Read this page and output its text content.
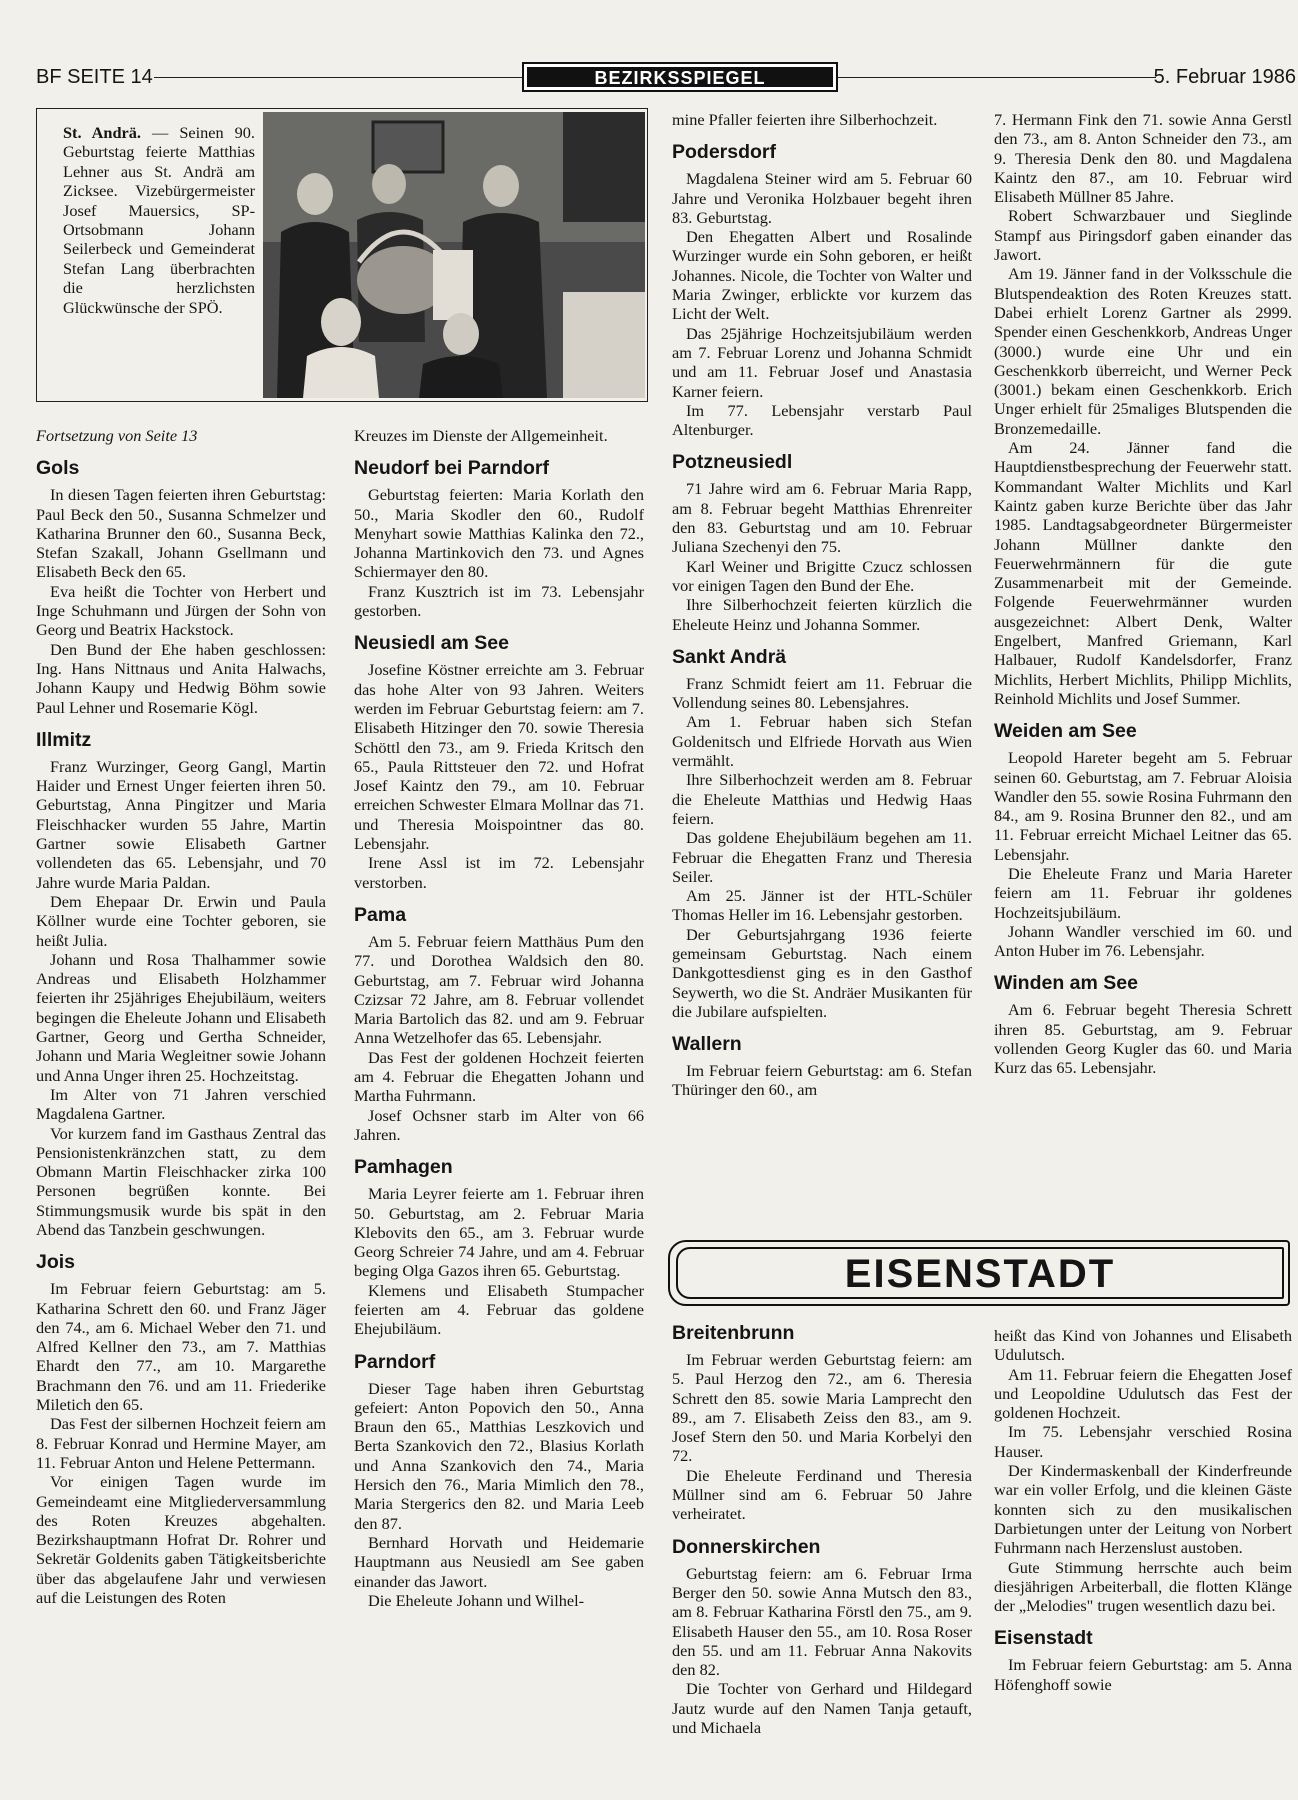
BF SEITE 14	BEZIRKSSPIEGEL	5. Februar 1986
St. Andrä. — Seinen 90. Geburtstag feierte Matthias Lehner aus St. Andrä am Zicksee. Vizebürgermeister Josef Mauersics, SP-Ortsobmann Johann Seilerbeck und Gemeinderat Stefan Lang überbrachten die herzlichsten Glückwünsche der SPÖ.

Fortsetzung von Seite 13

Gols

In diesen Tagen feierten ihren Geburtstag: Paul Beck den 50., Susanna Schmelzer und Katharina Brunner den 60., Susanna Beck, Stefan Szakall, Johann Gsellmann und Elisabeth Beck den 65.

Eva heißt die Tochter von Herbert und Inge Schuhmann und Jürgen der Sohn von Georg und Beatrix Hackstock.

Den Bund der Ehe haben geschlossen: Ing. Hans Nittnaus und Anita Halwachs, Johann Kaupy und Hedwig Böhm sowie Paul Lehner und Rosemarie Kögl.

Illmitz

Franz Wurzinger, Georg Gangl, Martin Haider und Ernest Unger feierten ihren 50. Geburtstag, Anna Pingitzer und Maria Fleischhacker wurden 55 Jahre, Martin Gartner sowie Elisabeth Gartner vollendeten das 65. Lebensjahr, und 70 Jahre wurde Maria Paldan.

Dem Ehepaar Dr. Erwin und Paula Köllner wurde eine Tochter geboren, sie heißt Julia.

Johann und Rosa Thalhammer sowie Andreas und Elisabeth Holzhammer feierten ihr 25jähriges Ehejubiläum, weiters begingen die Eheleute Johann und Elisabeth Gartner, Georg und Gertha Schneider, Johann und Maria Wegleitner sowie Johann und Anna Unger ihren 25. Hochzeitstag.

Im Alter von 71 Jahren verschied Magdalena Gartner.

Vor kurzem fand im Gasthaus Zentral das Pensionistenkränzchen statt, zu dem Obmann Martin Fleischhacker zirka 100 Personen begrüßen konnte. Bei Stimmungsmusik wurde bis spät in den Abend das Tanzbein geschwungen.

Jois

Im Februar feiern Geburtstag: am 5. Katharina Schrett den 60. und Franz Jäger den 74., am 6. Michael Weber den 71. und Alfred Kellner den 73., am 7. Matthias Ehardt den 77., am 10. Margarethe Brachmann den 76. und am 11. Friederike Miletich den 65.

Das Fest der silbernen Hochzeit feiern am 8. Februar Konrad und Hermine Mayer, am 11. Februar Anton und Helene Pettermann.

Vor einigen Tagen wurde im Gemeindeamt eine Mitgliederversammlung des Roten Kreuzes abgehalten. Bezirkshauptmann Hofrat Dr. Rohrer und Sekretär Goldenits gaben Tätigkeitsberichte über das abgelaufene Jahr und verwiesen auf die Leistungen des Roten

Kreuzes im Dienste der Allgemeinheit.

Neudorf bei Parndorf

Geburtstag feierten: Maria Korlath den 50., Maria Skodler den 60., Rudolf Menyhart sowie Matthias Kalinka den 72., Johanna Martinkovich den 73. und Agnes Schiermayer den 80.

Franz Kusztrich ist im 73. Lebensjahr gestorben.

Neusiedl am See

Josefine Köstner erreichte am 3. Februar das hohe Alter von 93 Jahren. Weiters werden im Februar Geburtstag feiern: am 7. Elisabeth Hitzinger den 70. sowie Theresia Schöttl den 73., am 9. Frieda Kritsch den 65., Paula Rittsteuer den 72. und Hofrat Josef Kaintz den 79., am 10. Februar erreichen Schwester Elmara Mollnar das 71. und Theresia Moispointner das 80. Lebensjahr.

Irene Assl ist im 72. Lebensjahr verstorben.

Pama

Am 5. Februar feiern Matthäus Pum den 77. und Dorothea Waldsich den 80. Geburtstag, am 7. Februar wird Johanna Czizsar 72 Jahre, am 8. Februar vollendet Maria Bartolich das 82. und am 9. Februar Anna Wetzelhofer das 65. Lebensjahr.

Das Fest der goldenen Hochzeit feierten am 4. Februar die Ehegatten Johann und Martha Fuhrmann.

Josef Ochsner starb im Alter von 66 Jahren.

Pamhagen

Maria Leyrer feierte am 1. Februar ihren 50. Geburtstag, am 2. Februar Maria Klebovits den 65., am 3. Februar wurde Georg Schreier 74 Jahre, und am 4. Februar beging Olga Gazos ihren 65. Geburtstag.

Klemens und Elisabeth Stumpacher feierten am 4. Februar das goldene Ehejubiläum.

Parndorf

Dieser Tage haben ihren Geburtstag gefeiert: Anton Popovich den 50., Anna Braun den 65., Matthias Leszkovich und Berta Szankovich den 72., Blasius Korlath und Anna Szankovich den 74., Maria Hersich den 76., Maria Mimlich den 78., Maria Stergerics den 82. und Maria Leeb den 87.

Bernhard Horvath und Heidemarie Hauptmann aus Neusiedl am See gaben einander das Jawort.

Die Eheleute Johann und Wilhel-

mine Pfaller feierten ihre Silberhochzeit.

Podersdorf

Magdalena Steiner wird am 5. Februar 60 Jahre und Veronika Holzbauer begeht ihren 83. Geburtstag.

Den Ehegatten Albert und Rosalinde Wurzinger wurde ein Sohn geboren, er heißt Johannes. Nicole, die Tochter von Walter und Maria Zwinger, erblickte vor kurzem das Licht der Welt.

Das 25jährige Hochzeitsjubiläum werden am 7. Februar Lorenz und Johanna Schmidt und am 11. Februar Josef und Anastasia Karner feiern.

Im 77. Lebensjahr verstarb Paul Altenburger.

Potzneusiedl

71 Jahre wird am 6. Februar Maria Rapp, am 8. Februar begeht Matthias Ehrenreiter den 83. Geburtstag und am 10. Februar Juliana Szechenyi den 75.

Karl Weiner und Brigitte Czucz schlossen vor einigen Tagen den Bund der Ehe.

Ihre Silberhochzeit feierten kürzlich die Eheleute Heinz und Johanna Sommer.

Sankt Andrä

Franz Schmidt feiert am 11. Februar die Vollendung seines 80. Lebensjahres.

Am 1. Februar haben sich Stefan Goldenitsch und Elfriede Horvath aus Wien vermählt.

Ihre Silberhochzeit werden am 8. Februar die Eheleute Matthias und Hedwig Haas feiern.

Das goldene Ehejubiläum begehen am 11. Februar die Ehegatten Franz und Theresia Seiler.

Am 25. Jänner ist der HTL-Schüler Thomas Heller im 16. Lebensjahr gestorben.

Der Geburtsjahrgang 1936 feierte gemeinsam Geburtstag. Nach einem Dankgottesdienst ging es in den Gasthof Seywerth, wo die St. Andräer Musikanten für die Jubilare aufspielten.

Wallern

Im Februar feiern Geburtstag: am 6. Stefan Thüringer den 60., am

7. Hermann Fink den 71. sowie Anna Gerstl den 73., am 8. Anton Schneider den 73., am 9. Theresia Denk den 80. und Magdalena Kaintz den 87., am 10. Februar wird Elisabeth Müllner 85 Jahre.

Robert Schwarzbauer und Sieglinde Stampf aus Piringsdorf gaben einander das Jawort.

Am 19. Jänner fand in der Volksschule die Blutspendeaktion des Roten Kreuzes statt. Dabei erhielt Lorenz Gartner als 2999. Spender einen Geschenkkorb, Andreas Unger (3000.) wurde eine Uhr und ein Geschenkkorb überreicht, und Werner Peck (3001.) bekam einen Geschenkkorb. Erich Unger erhielt für 25maliges Blutspenden die Bronzemedaille.

Am 24. Jänner fand die Hauptdienstbesprechung der Feuerwehr statt. Kommandant Walter Michlits und Karl Kaintz gaben kurze Berichte über das Jahr 1985. Landtagsabgeordneter Bürgermeister Johann Müllner dankte den Feuerwehrmännern für die gute Zusammenarbeit mit der Gemeinde. Folgende Feuerwehrmänner wurden ausgezeichnet: Albert Denk, Walter Engelbert, Manfred Griemann, Karl Halbauer, Rudolf Kandelsdorfer, Franz Michlits, Herbert Michlits, Philipp Michlits, Reinhold Michlits und Josef Summer.

Weiden am See

Leopold Hareter begeht am 5. Februar seinen 60. Geburtstag, am 7. Februar Aloisia Wandler den 55. sowie Rosina Fuhrmann den 84., am 9. Rosina Brunner den 82., und am 11. Februar erreicht Michael Leitner das 65. Lebensjahr.

Die Eheleute Franz und Maria Hareter feiern am 11. Februar ihr goldenes Hochzeitsjubiläum.

Johann Wandler verschied im 60. und Anton Huber im 76. Lebensjahr.

Winden am See

Am 6. Februar begeht Theresia Schrett ihren 85. Geburtstag, am 9. Februar vollenden Georg Kugler das 60. und Maria Kurz das 65. Lebensjahr.

EISENSTADT
Breitenbrunn

Im Februar werden Geburtstag feiern: am 5. Paul Herzog den 72., am 6. Theresia Schrett den 85. sowie Maria Lamprecht den 89., am 7. Elisabeth Zeiss den 83., am 9. Josef Stern den 50. und Maria Korbelyi den 72.

Die Eheleute Ferdinand und Theresia Müllner sind am 6. Februar 50 Jahre verheiratet.

Donnerskirchen

Geburtstag feiern: am 6. Februar Irma Berger den 50. sowie Anna Mutsch den 83., am 8. Februar Katharina Förstl den 75., am 9. Elisabeth Hauser den 55., am 10. Rosa Roser den 55. und am 11. Februar Anna Nakovits den 82.

Die Tochter von Gerhard und Hildegard Jautz wurde auf den Namen Tanja getauft, und Michaela

heißt das Kind von Johannes und Elisabeth Udulutsch.

Am 11. Februar feiern die Ehegatten Josef und Leopoldine Udulutsch das Fest der goldenen Hochzeit.

Im 75. Lebensjahr verschied Rosina Hauser.

Der Kindermaskenball der Kinderfreunde war ein voller Erfolg, und die kleinen Gäste konnten sich zu den musikalischen Darbietungen unter der Leitung von Norbert Fuhrmann nach Herzenslust austoben.

Gute Stimmung herrschte auch beim diesjährigen Arbeiterball, die flotten Klänge der „Melodies" trugen wesentlich dazu bei.

Eisenstadt

Im Februar feiern Geburtstag: am 5. Anna Höfenghoff sowie
